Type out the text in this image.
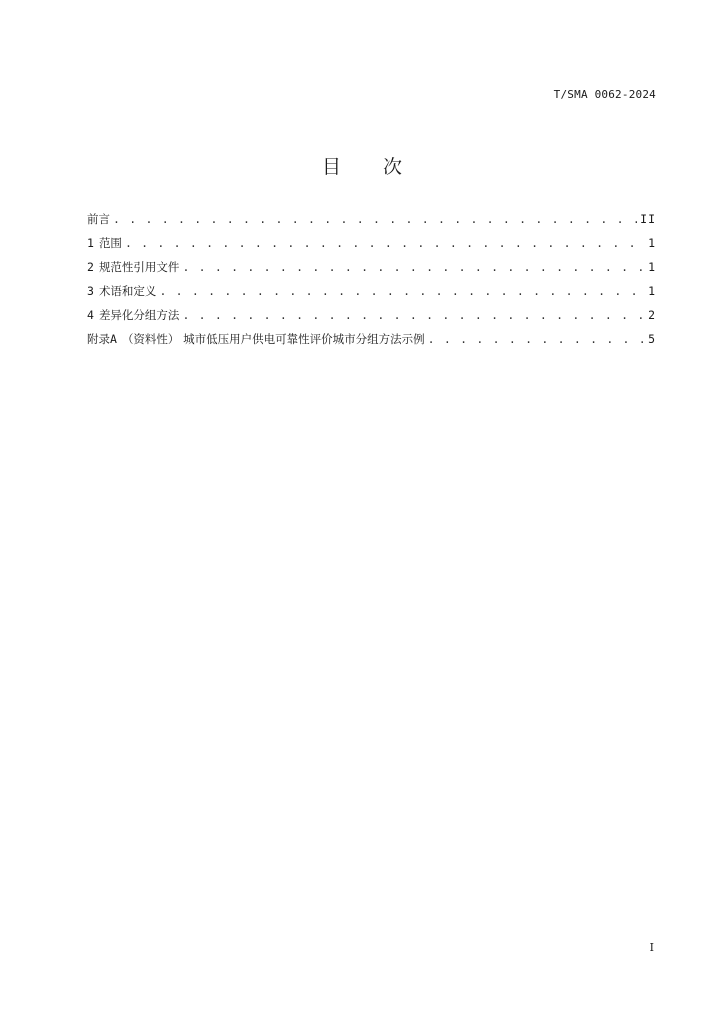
T/SMA 0062-2024
目 次
前言 . . .	II
1 范围 . . .	1
2 规范性引用文件 . . .	1
3 术语和定义 . . .	1
4 差异化分组方法 . . .	2
附录A （资料性） 城市低压用户供电可靠性评价城市分组方法示例 . . .	5
I
